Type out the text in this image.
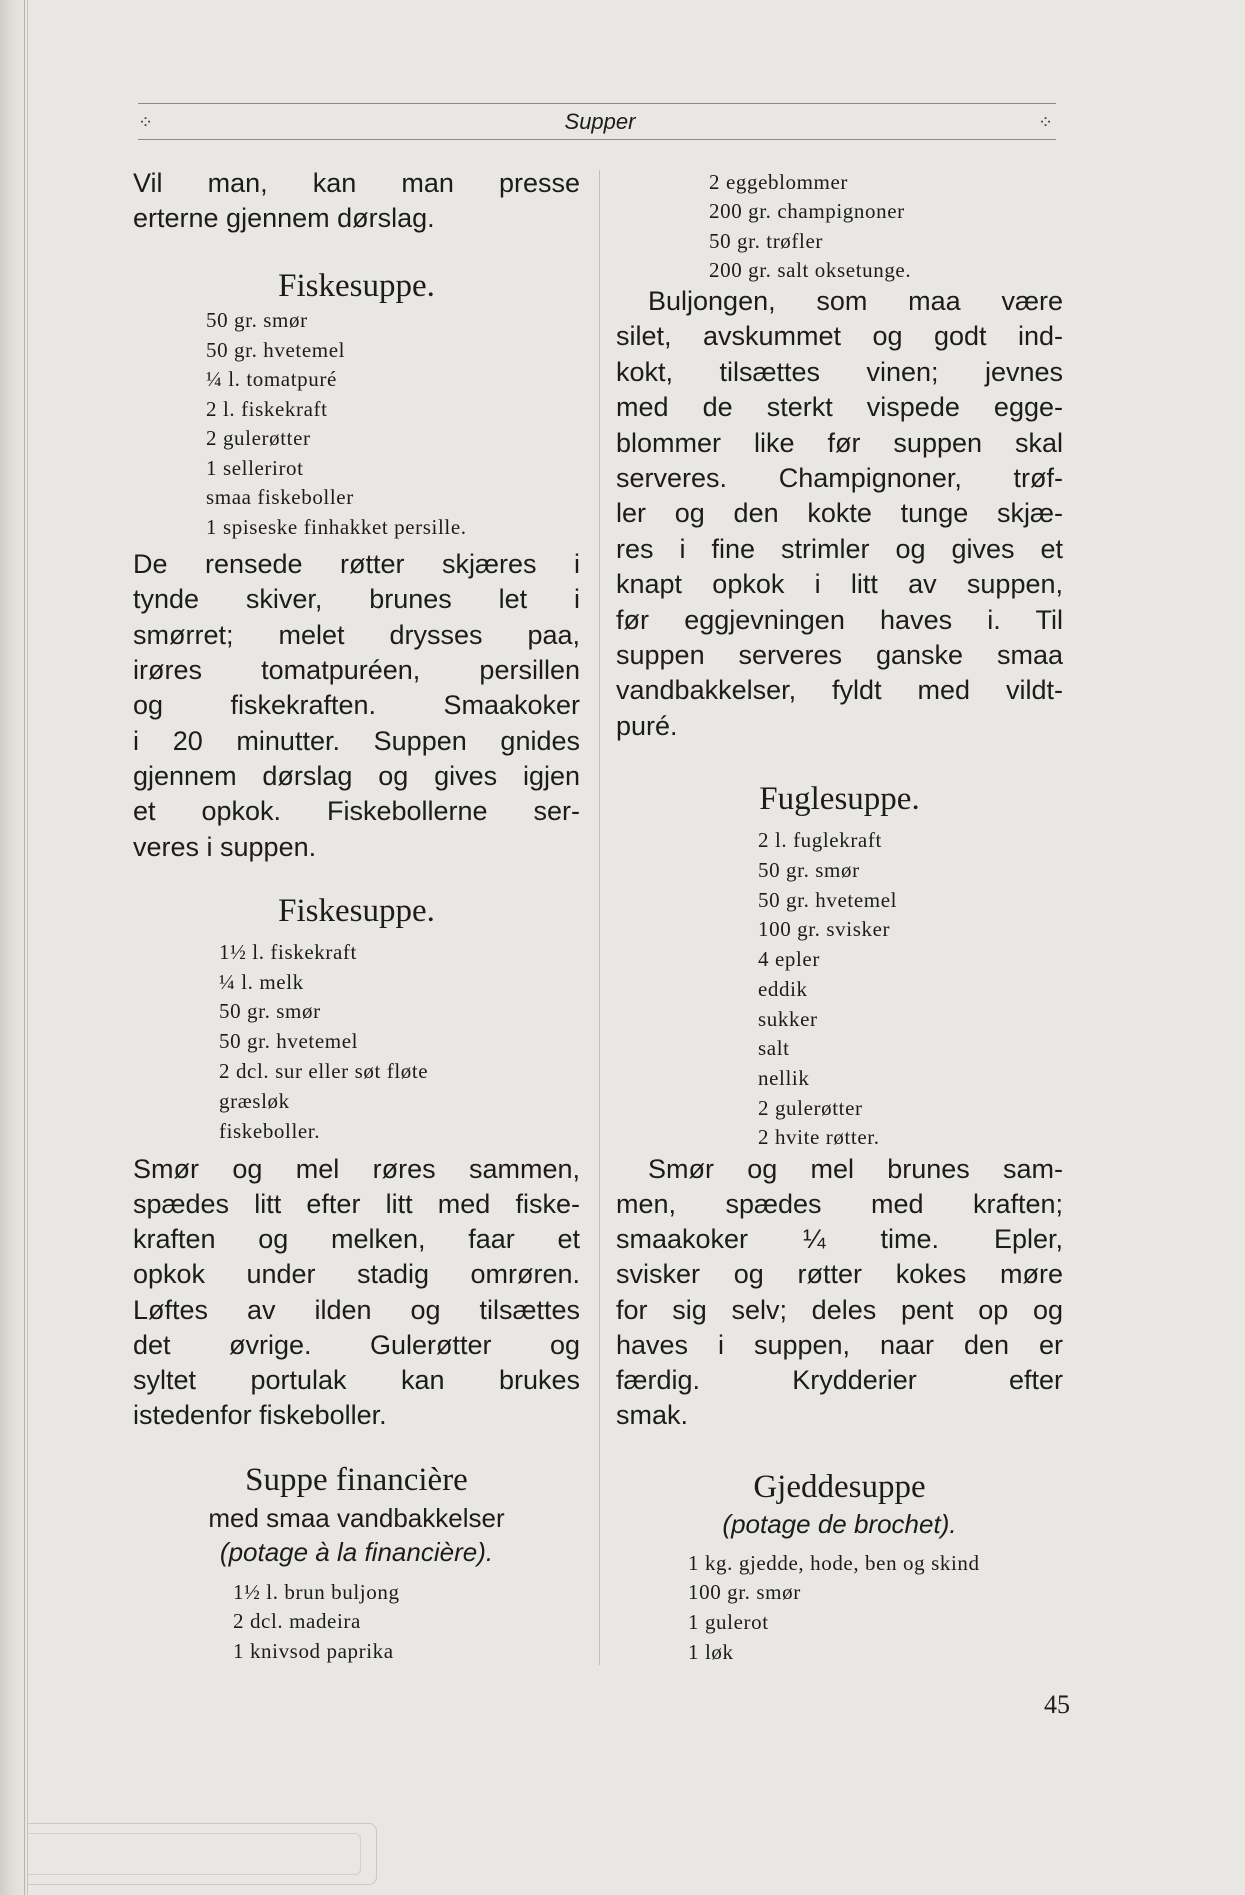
⁘	Supper	⁘
Vil man, kan man presse
erterne gjennem dørslag.
Fiskesuppe.
50 gr. smør
50 gr. hvetemel
¼ l. tomatpuré
2 l. fiskekraft
2 gulerøtter
1 sellerirot
smaa fiskeboller
1 spiseske finhakket persille.
De rensede røtter skjæres i
tynde skiver, brunes let i
smørret; melet drysses paa,
irøres tomatpuréen, persillen
og fiskekraften. Smaakoker
i 20 minutter. Suppen gnides
gjennem dørslag og gives igjen
et opkok. Fiskebollerne ser-
veres i suppen.
Fiskesuppe.
1½ l. fiskekraft
¼ l. melk
50 gr. smør
50 gr. hvetemel
2 dcl. sur eller søt fløte
græsløk
fiskeboller.
Smør og mel røres sammen,
spædes litt efter litt med fiske-
kraften og melken, faar et
opkok under stadig omrøren.
Løftes av ilden og tilsættes
det øvrige. Gulerøtter og
syltet portulak kan brukes
istedenfor fiskeboller.
Suppe financière
med smaa vandbakkelser
(potage à la financière).
1½ l. brun buljong
2 dcl. madeira
1 knivsod paprika
2 eggeblommer
200 gr. champignoner
50 gr. trøfler
200 gr. salt oksetunge.
Buljongen, som maa være
silet, avskummet og godt ind-
kokt, tilsættes vinen; jevnes
med de sterkt vispede egge-
blommer like før suppen skal
serveres. Champignoner, trøf-
ler og den kokte tunge skjæ-
res i fine strimler og gives et
knapt opkok i litt av suppen,
før eggjevningen haves i. Til
suppen serveres ganske smaa
vandbakkelser, fyldt med vildt-
puré.
Fuglesuppe.
2 l. fuglekraft
50 gr. smør
50 gr. hvetemel
100 gr. svisker
4 epler
eddik
sukker
salt
nellik
2 gulerøtter
2 hvite røtter.
Smør og mel brunes sam-
men, spædes med kraften;
smaakoker ¼ time. Epler,
svisker og røtter kokes møre
for sig selv; deles pent op og
haves i suppen, naar den er
færdig. Krydderier efter
smak.
Gjeddesuppe
(potage de brochet).
1 kg. gjedde, hode, ben og skind
100 gr. smør
1 gulerot
1 løk
45
